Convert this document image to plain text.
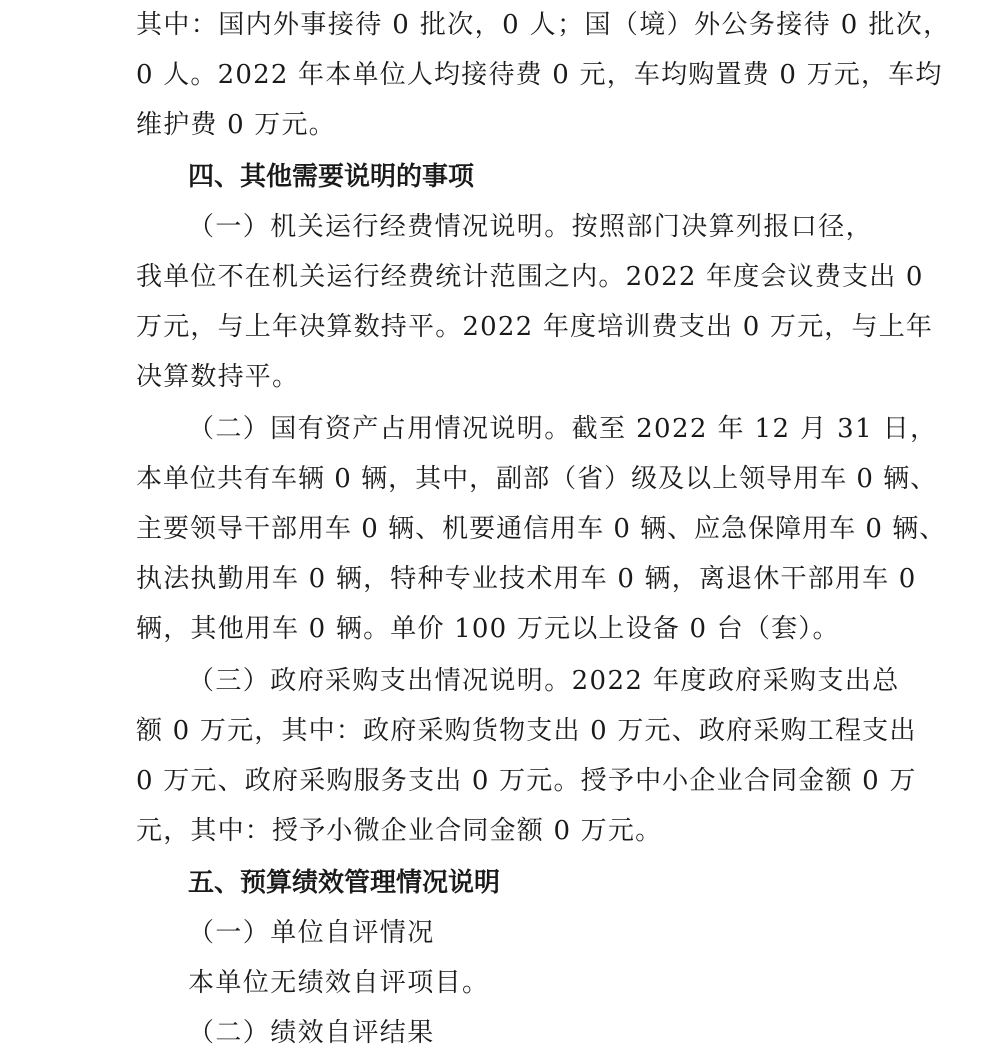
其中：国内外事接待 0 批次，0 人；国（境）外公务接待 0 批次，

0 人。2022 年本单位人均接待费 0 元，车均购置费 0 万元，车均

维护费 0 万元。

四、其他需要说明的事项

（一）机关运行经费情况说明。按照部门决算列报口径，

我单位不在机关运行经费统计范围之内。2022 年度会议费支出 0

万元，与上年决算数持平。2022 年度培训费支出 0 万元，与上年

决算数持平。

（二）国有资产占用情况说明。截至 2022 年 12 月 31 日，

本单位共有车辆 0 辆，其中，副部（省）级及以上领导用车 0 辆、

主要领导干部用车 0 辆、机要通信用车 0 辆、应急保障用车 0 辆、

执法执勤用车 0 辆，特种专业技术用车 0 辆，离退休干部用车 0

辆，其他用车 0 辆。单价 100 万元以上设备 0 台（套）。

（三）政府采购支出情况说明。2022 年度政府采购支出总

额 0 万元，其中：政府采购货物支出 0 万元、政府采购工程支出

0 万元、政府采购服务支出 0 万元。授予中小企业合同金额 0 万

元，其中：授予小微企业合同金额 0 万元。

五、预算绩效管理情况说明

（一）单位自评情况

本单位无绩效自评项目。

（二）绩效自评结果
